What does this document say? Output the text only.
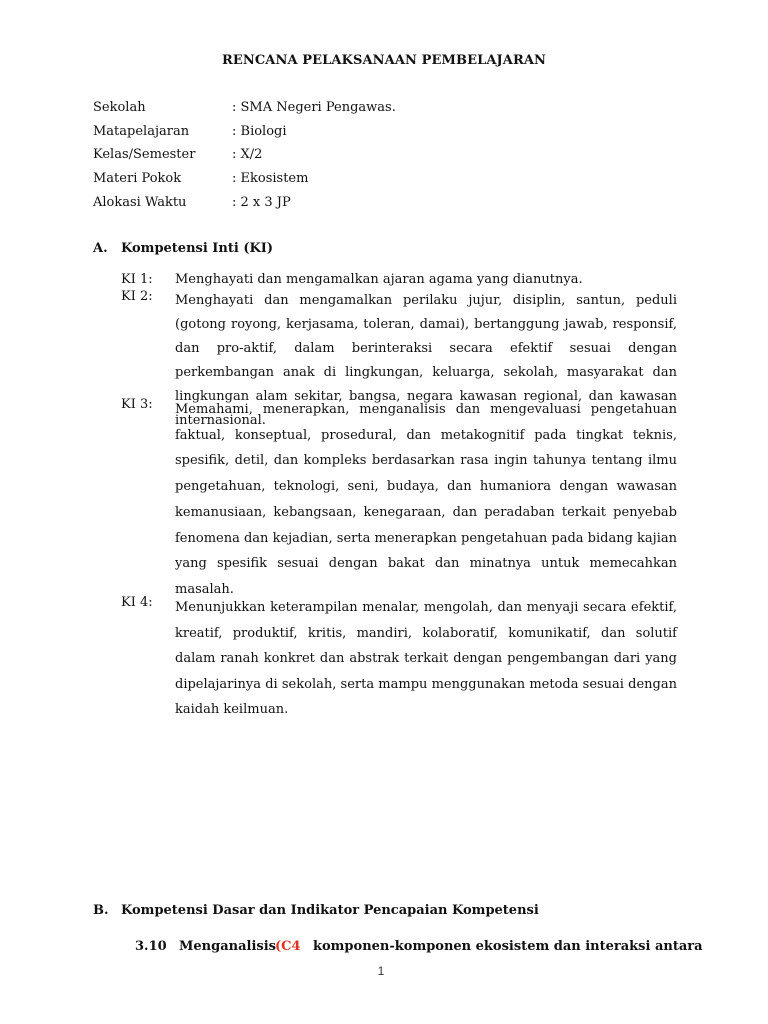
RENCANA PELAKSANAAN PEMBELAJARAN
Sekolah	: SMA Negeri Pengawas.
Matapelajaran	: Biologi
Kelas/Semester	: X/2
Materi Pokok	: Ekosistem
Alokasi Waktu	: 2 x 3 JP
A. Kompetensi Inti (KI)
KI 1: Menghayati dan mengamalkan ajaran agama yang dianutnya.
KI 2: Menghayati dan mengamalkan perilaku jujur, disiplin, santun, peduli (gotong royong, kerjasama, toleran, damai), bertanggung jawab, responsif, dan pro-aktif, dalam berinteraksi secara efektif sesuai dengan perkembangan anak di lingkungan, keluarga, sekolah, masyarakat dan lingkungan alam sekitar, bangsa, negara kawasan regional, dan kawasan internasional.
KI 3: Memahami, menerapkan, menganalisis dan mengevaluasi pengetahuan faktual, konseptual, prosedural, dan metakognitif pada tingkat teknis, spesifik, detil, dan kompleks berdasarkan rasa ingin tahunya tentang ilmu pengetahuan, teknologi, seni, budaya, dan humaniora dengan wawasan kemanusiaan, kebangsaan, kenegaraan, dan peradaban terkait penyebab fenomena dan kejadian, serta menerapkan pengetahuan pada bidang kajian yang spesifik sesuai dengan bakat dan minatnya untuk memecahkan masalah.
KI 4: Menunjukkan keterampilan menalar, mengolah, dan menyaji secara efektif, kreatif, produktif, kritis, mandiri, kolaboratif, komunikatif, dan solutif dalam ranah konkret dan abstrak terkait dengan pengembangan dari yang dipelajarinya di sekolah, serta mampu menggunakan metoda sesuai dengan kaidah keilmuan.
B. Kompetensi Dasar dan Indikator Pencapaian Kompetensi
3.10 Menganalisis (C4 komponen-komponen ekosistem dan interaksi antara
1
